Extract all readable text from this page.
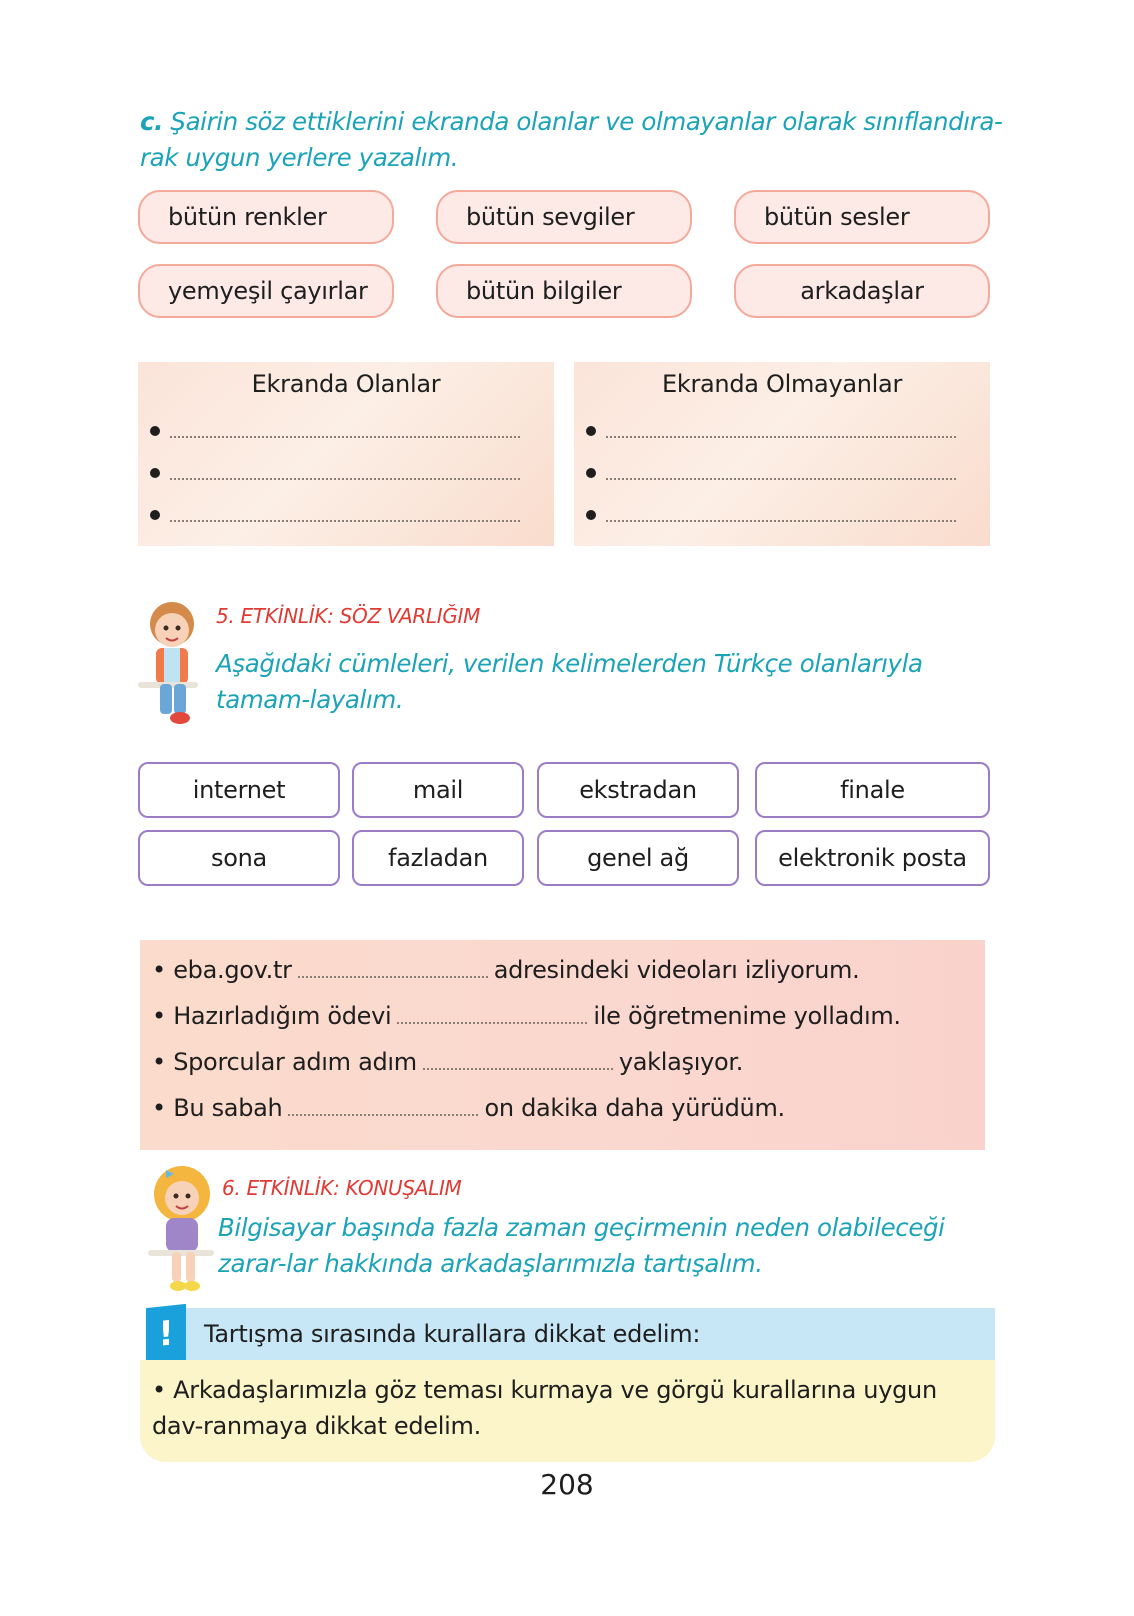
c. Şairin söz ettiklerini ekranda olanlar ve olmayanlar olarak sınıflandıra-rak uygun yerlere yazalım.
bütün renkler	bütün sevgiler	bütün sesler
yemyeşil çayırlar	bütün bilgiler	arkadaşlar
Ekranda Olanlar	Ekranda Olmayanlar
5. ETKİNLİK: SÖZ VARLIĞIM
Aşağıdaki cümleleri, verilen kelimelerden Türkçe olanlarıyla tamam-layalım.
internet	mail	ekstradan	finale
sona	fazladan	genel ağ	elektronik posta
• eba.gov.tr	adresindeki videoları izliyorum.
• Hazırladığım ödevi	ile öğretmenime yolladım.
• Sporcular adım adım	yaklaşıyor.
• Bu sabah	on dakika daha yürüdüm.
6. ETKİNLİK: KONUŞALIM
Bilgisayar başında fazla zaman geçirmenin neden olabileceği zarar-lar hakkında arkadaşlarımızla tartışalım.
Tartışma sırasında kurallara dikkat edelim:
!
• Arkadaşlarımızla göz teması kurmaya ve görgü kurallarına uygun dav-ranmaya dikkat edelim.
208
